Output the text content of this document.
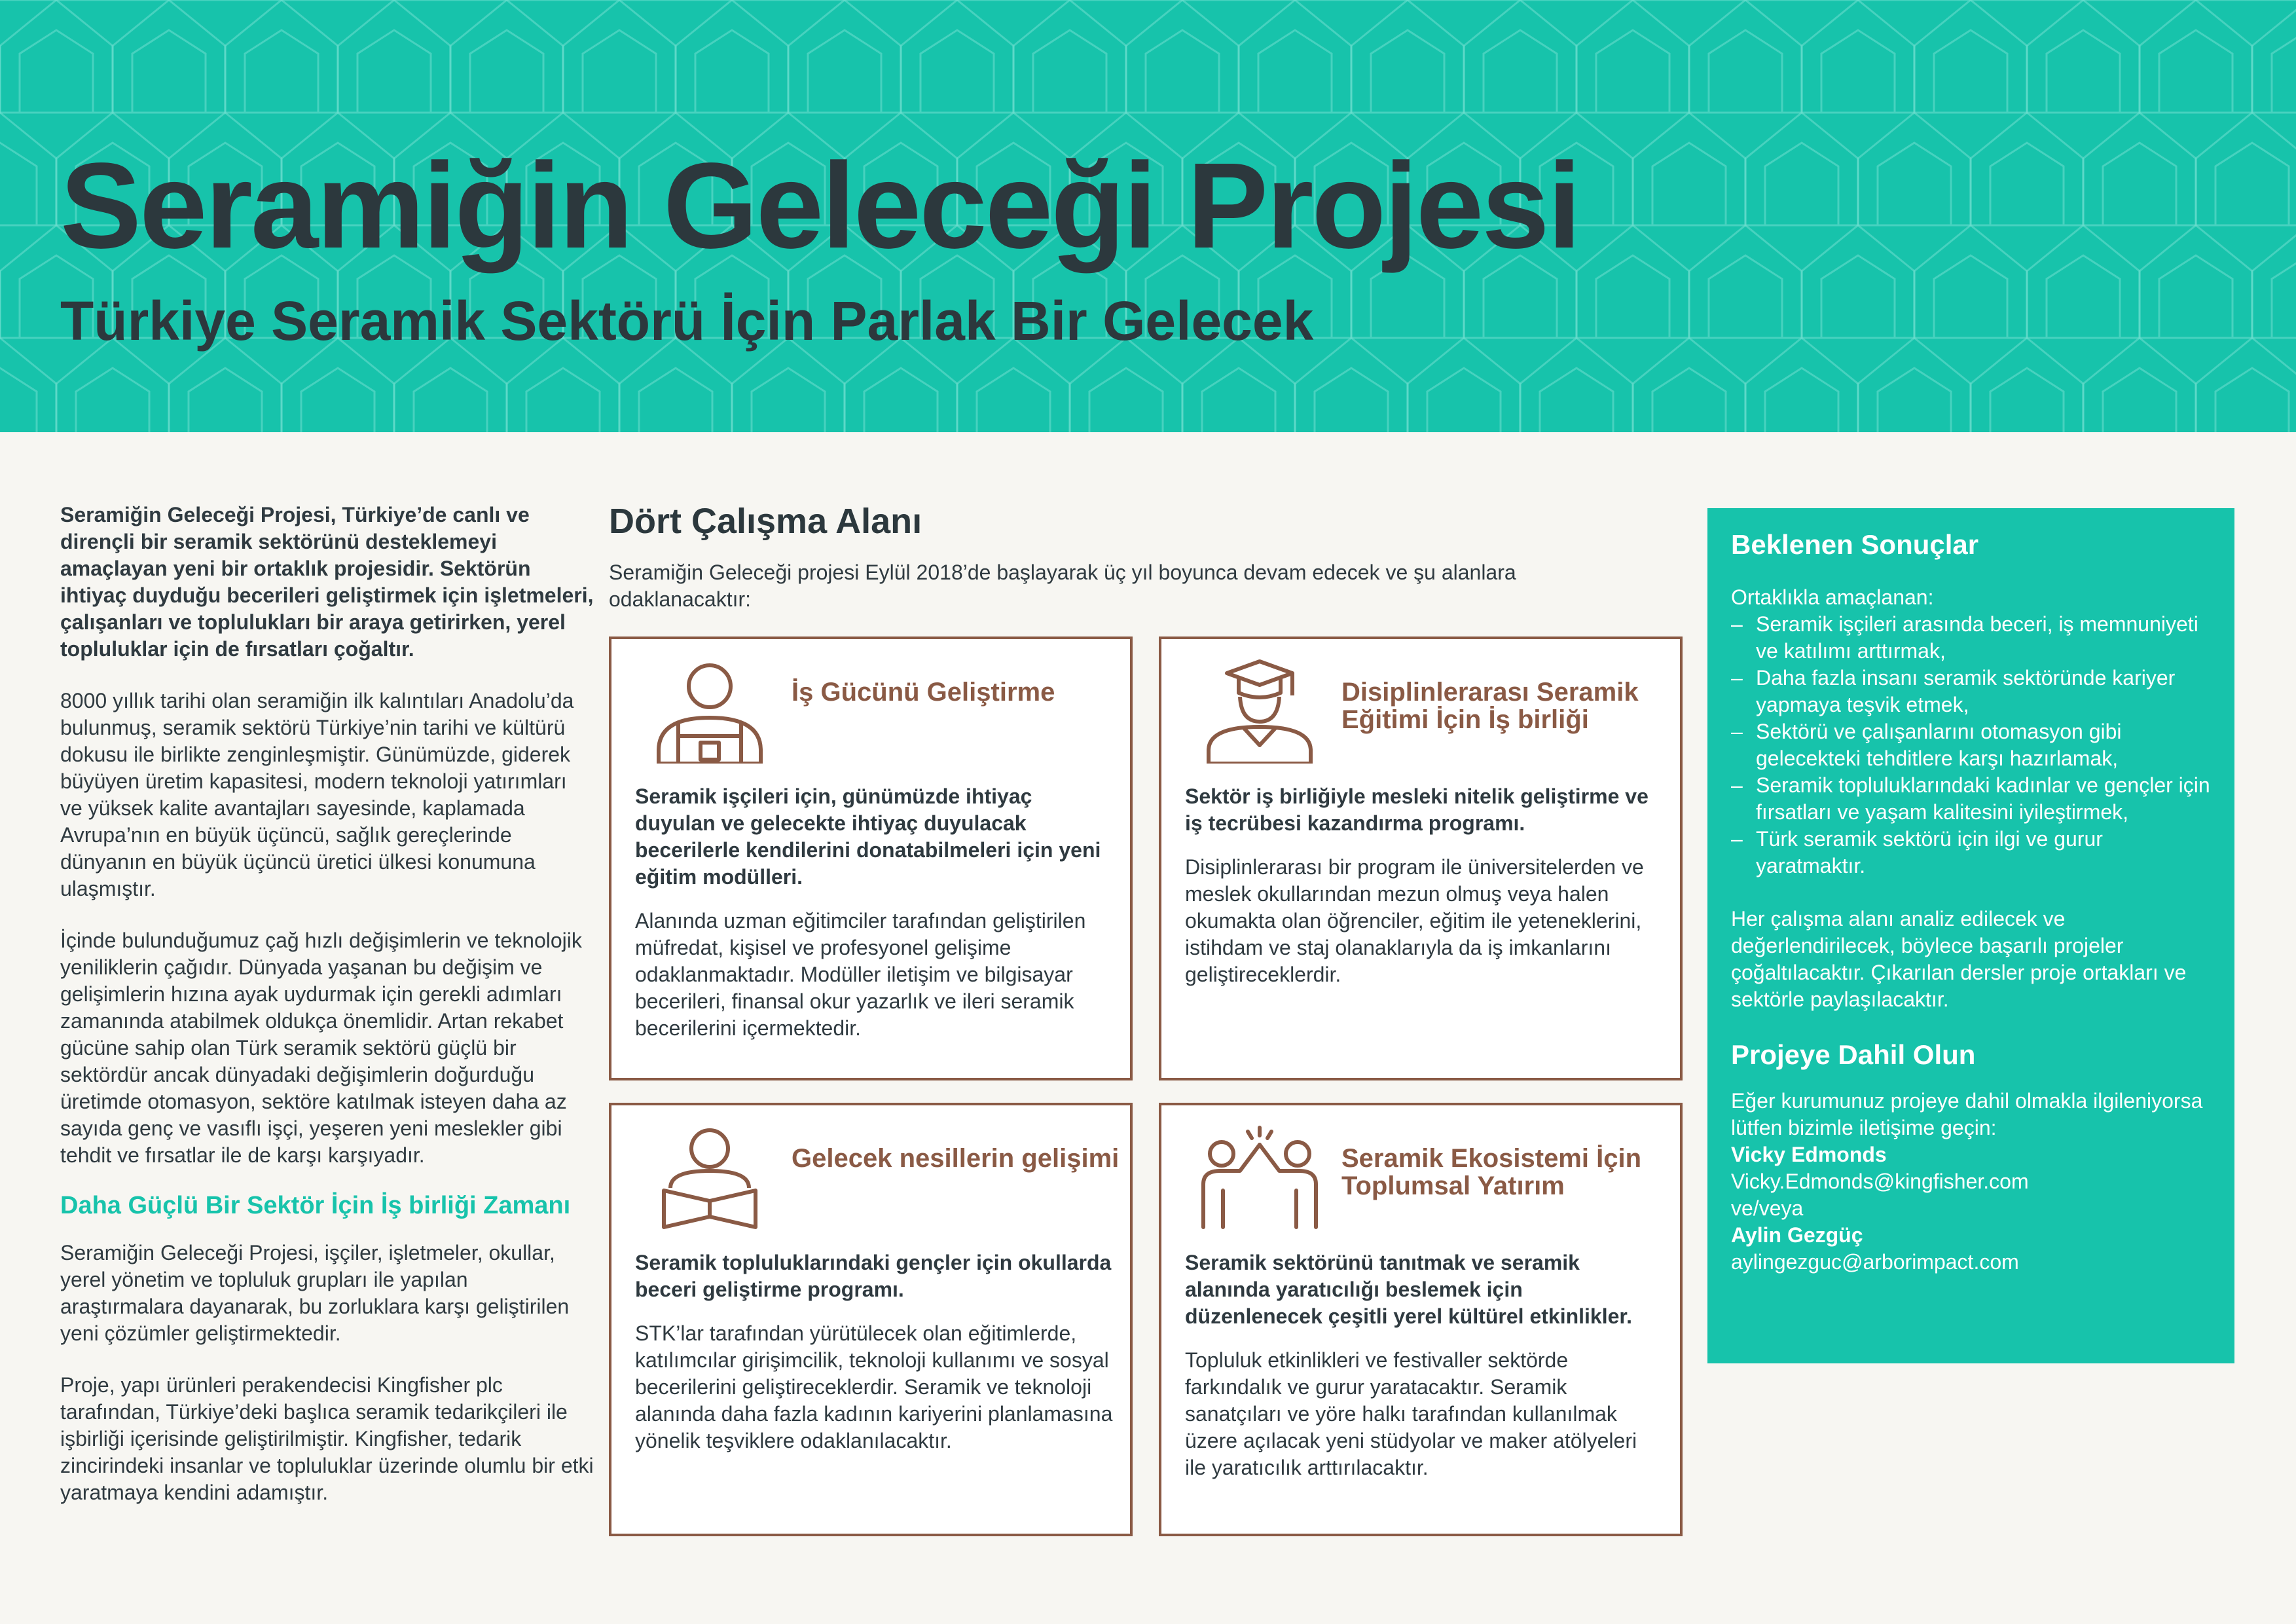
Seramiğin Geleceği Projesi
Türkiye Seramik Sektörü İçin Parlak Bir Gelecek

Seramiğin Geleceği Projesi, Türkiye’de canlı ve dirençli bir seramik sektörünü desteklemeyi amaçlayan yeni bir ortaklık projesidir. Sektörün ihtiyaç duyduğu becerileri geliştirmek için işletmeleri, çalışanları ve toplulukları bir araya getirirken, yerel topluluklar için de fırsatları çoğaltır.

8000 yıllık tarihi olan seramiğin ilk kalıntıları Anadolu’da bulunmuş, seramik sektörü Türkiye’nin tarihi ve kültürü dokusu ile birlikte zenginleşmiştir. Günümüzde, giderek büyüyen üretim kapasitesi, modern teknoloji yatırımları ve yüksek kalite avantajları sayesinde, kaplamada Avrupa’nın en büyük üçüncü, sağlık gereçlerinde dünyanın en büyük üçüncü üretici ülkesi konumuna ulaşmıştır.

İçinde bulunduğumuz çağ hızlı değişimlerin ve teknolojik yeniliklerin çağıdır. Dünyada yaşanan bu değişim ve gelişimlerin hızına ayak uydurmak için gerekli adımları zamanında atabilmek oldukça önemlidir. Artan rekabet gücüne sahip olan Türk seramik sektörü güçlü bir sektördür ancak dünyadaki değişimlerin doğurduğu üretimde otomasyon, sektöre katılmak isteyen daha az sayıda genç ve vasıflı işçi, yeşeren yeni meslekler gibi tehdit ve fırsatlar ile de karşı karşıyadır.

Daha Güçlü Bir Sektör İçin İş birliği Zamanı

Seramiğin Geleceği Projesi, işçiler, işletmeler, okullar, yerel yönetim ve topluluk grupları ile yapılan araştırmalara dayanarak, bu zorluklara karşı geliştirilen yeni çözümler geliştirmektedir.

Proje, yapı ürünleri perakendecisi Kingfisher plc tarafından, Türkiye’deki başlıca seramik tedarikçileri ile işbirliği içerisinde geliştirilmiştir. Kingfisher, tedarik zincirindeki insanlar ve topluluklar üzerinde olumlu bir etki yaratmaya kendini adamıştır.

Dört Çalışma Alanı

Seramiğin Geleceği projesi Eylül 2018’de başlayarak üç yıl boyunca devam edecek ve şu alanlara odaklanacaktır:

İş Gücünü Geliştirme

Seramik işçileri için, günümüzde ihtiyaç duyulan ve gelecekte ihtiyaç duyulacak becerilerle kendilerini donatabilmeleri için yeni eğitim modülleri.

Alanında uzman eğitimciler tarafından geliştirilen müfredat, kişisel ve profesyonel gelişime odaklanmaktadır. Modüller iletişim ve bilgisayar becerileri, finansal okur yazarlık ve ileri seramik becerilerini içermektedir.

Disiplinlerarası Seramik Eğitimi İçin İş birliği

Sektör iş birliğiyle mesleki nitelik geliştirme ve iş tecrübesi kazandırma programı.

Disiplinlerarası bir program ile üniversitelerden ve meslek okullarından mezun olmuş veya halen okumakta olan öğrenciler, eğitim ile yeteneklerini, istihdam ve staj olanaklarıyla da iş imkanlarını geliştireceklerdir.

Gelecek nesillerin gelişimi

Seramik topluluklarındaki gençler için okullarda beceri geliştirme programı.

STK’lar tarafından yürütülecek olan eğitimlerde, katılımcılar girişimcilik, teknoloji kullanımı ve sosyal becerilerini geliştireceklerdir. Seramik ve teknoloji alanında daha fazla kadının kariyerini planlamasına yönelik teşviklere odaklanılacaktır.

Seramik Ekosistemi İçin Toplumsal Yatırım

Seramik sektörünü tanıtmak ve seramik alanında yaratıcılığı beslemek için düzenlenecek çeşitli yerel kültürel etkinlikler.

Topluluk etkinlikleri ve festivaller sektörde farkındalık ve gurur yaratacaktır. Seramik sanatçıları ve yöre halkı tarafından kullanılmak üzere açılacak yeni stüdyolar ve maker atölyeleri ile yaratıcılık arttırılacaktır.

Beklenen Sonuçlar

Ortaklıkla amaçlanan:

– Seramik işçileri arasında beceri, iş memnuniyeti ve katılımı arttırmak,
– Daha fazla insanı seramik sektöründe kariyer yapmaya teşvik etmek,
– Sektörü ve çalışanlarını otomasyon gibi gelecekteki tehditlere karşı hazırlamak,
– Seramik topluluklarındaki kadınlar ve gençler için fırsatları ve yaşam kalitesini iyileştirmek,
– Türk seramik sektörü için ilgi ve gurur yaratmaktır.

Her çalışma alanı analiz edilecek ve değerlendirilecek, böylece başarılı projeler çoğaltılacaktır. Çıkarılan dersler proje ortakları ve sektörle paylaşılacaktır.

Projeye Dahil Olun

Eğer kurumunuz projeye dahil olmakla ilgileniyorsa lütfen bizimle iletişime geçin:

Vicky Edmonds

Vicky.Edmonds@kingfisher.com

ve/veya

Aylin Gezgüç

aylingezguc@arborimpact.com
